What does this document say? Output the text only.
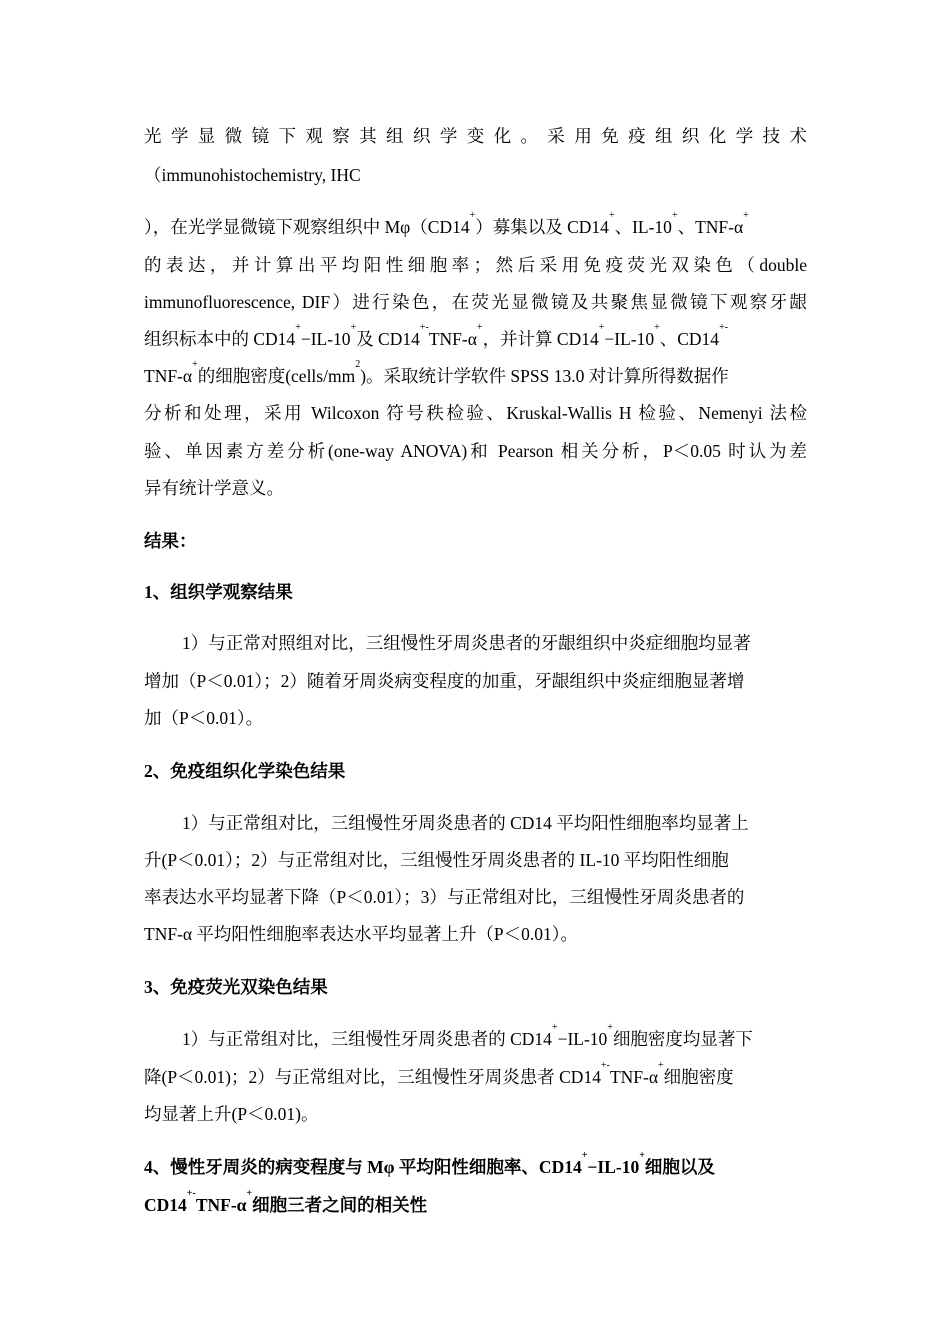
光学显微镜下观察其组织学变化。采用免疫组织化学技术
（immunohistochemistry, IHC
），在光学显微镜下观察组织中 Mφ（CD14+）募集以及 CD14+、IL-10+、TNF-α+
的表达，并计算出平均阳性细胞率；然后采用免疫荧光双染色（double
immunofluorescence, DIF）进行染色，在荧光显微镜及共聚焦显微镜下观察牙龈
组织标本中的 CD14+−IL-10+及 CD14+-TNF-α+，并计算 CD14+−IL-10+、CD14+-
TNF-α+的细胞密度$(cells/mm^2)$。采取统计学软件 SPSS 13.0 对计算所得数据作
分析和处理，采用 Wilcoxon 符号秩检验、Kruskal-Wallis H 检验、Nemenyi 法检
验、单因素方差分析(one-way ANOVA)和 Pearson 相关分析，P＜0.05 时认为差
异有统计学意义。
结果：
1、组织学观察结果
1）与正常对照组对比，三组慢性牙周炎患者的牙龈组织中炎症细胞均显著
增加（P＜0.01）；2）随着牙周炎病变程度的加重，牙龈组织中炎症细胞显著增
加（P＜0.01）。
2、免疫组织化学染色结果
1）与正常组对比，三组慢性牙周炎患者的 CD14 平均阳性细胞率均显著上
升(P＜0.01）；2）与正常组对比，三组慢性牙周炎患者的 IL-10 平均阳性细胞
率表达水平均显著下降（P＜0.01）；3）与正常组对比，三组慢性牙周炎患者的
TNF-α 平均阳性细胞率表达水平均显著上升（P＜0.01）。
3、免疫荧光双染色结果
1）与正常组对比，三组慢性牙周炎患者的 CD14+−IL-10+细胞密度均显著下
降(P＜0.01)；2）与正常组对比，三组慢性牙周炎患者 CD14+-TNF-α+细胞密度
均显著上升(P＜0.01)。
4、慢性牙周炎的病变程度与 Mφ 平均阳性细胞率、CD14+−IL-10+细胞以及
CD14+-TNF-α+细胞三者之间的相关性
